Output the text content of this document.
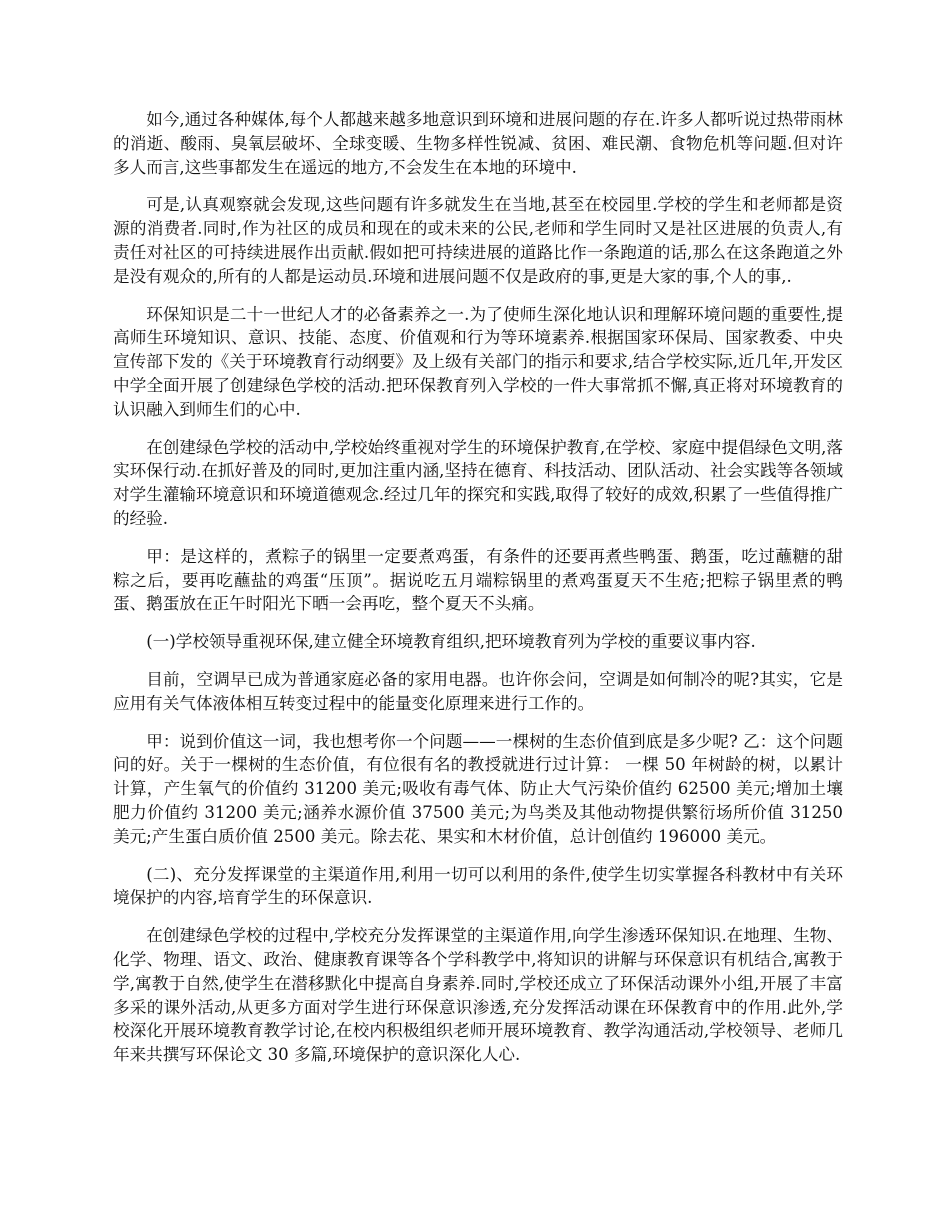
如今,通过各种媒体,每个人都越来越多地意识到环境和进展问题的存在.许多人都听说过热带雨林的消逝、酸雨、臭氧层破坏、全球变暖、生物多样性锐减、贫困、难民潮、食物危机等问题.但对许多人而言,这些事都发生在遥远的地方,不会发生在本地的环境中.

可是,认真观察就会发现,这些问题有许多就发生在当地,甚至在校园里.学校的学生和老师都是资源的消费者.同时,作为社区的成员和现在的或未来的公民,老师和学生同时又是社区进展的负责人,有责任对社区的可持续进展作出贡献.假如把可持续进展的道路比作一条跑道的话,那么在这条跑道之外是没有观众的,所有的人都是运动员.环境和进展问题不仅是政府的事,更是大家的事,个人的事,.

环保知识是二十一世纪人才的必备素养之一.为了使师生深化地认识和理解环境问题的重要性,提高师生环境知识、意识、技能、态度、价值观和行为等环境素养.根据国家环保局、国家教委、中央宣传部下发的《关于环境教育行动纲要》及上级有关部门的指示和要求,结合学校实际,近几年,开发区中学全面开展了创建绿色学校的活动.把环保教育列入学校的一件大事常抓不懈,真正将对环境教育的认识融入到师生们的心中.

在创建绿色学校的活动中,学校始终重视对学生的环境保护教育,在学校、家庭中提倡绿色文明,落实环保行动.在抓好普及的同时,更加注重内涵,坚持在德育、科技活动、团队活动、社会实践等各领域对学生灌输环境意识和环境道德观念.经过几年的探究和实践,取得了较好的成效,积累了一些值得推广的经验.

甲：是这样的，煮粽子的锅里一定要煮鸡蛋，有条件的还要再煮些鸭蛋、鹅蛋，吃过蘸糖的甜粽之后，要再吃蘸盐的鸡蛋“压顶”。据说吃五月端粽锅里的煮鸡蛋夏天不生疮;把粽子锅里煮的鸭蛋、鹅蛋放在正午时阳光下晒一会再吃，整个夏天不头痛。

(一)学校领导重视环保,建立健全环境教育组织,把环境教育列为学校的重要议事内容.

目前，空调早已成为普通家庭必备的家用电器。也许你会问，空调是如何制冷的呢?其实，它是应用有关气体液体相互转变过程中的能量变化原理来进行工作的。

甲：说到价值这一词，我也想考你一个问题——一棵树的生态价值到底是多少呢? 乙：这个问题问的好。关于一棵树的生态价值，有位很有名的教授就进行过计算： 一棵 50 年树龄的树，以累计计算，产生氧气的价值约 31200 美元;吸收有毒气体、防止大气污染价值约 62500 美元;增加土壤肥力价值约 31200 美元;涵养水源价值 37500 美元;为鸟类及其他动物提供繁衍场所价值 31250 美元;产生蛋白质价值 2500 美元。除去花、果实和木材价值，总计创值约 196000 美元。

(二)、充分发挥课堂的主渠道作用,利用一切可以利用的条件,使学生切实掌握各科教材中有关环境保护的内容,培育学生的环保意识.

在创建绿色学校的过程中,学校充分发挥课堂的主渠道作用,向学生渗透环保知识.在地理、生物、化学、物理、语文、政治、健康教育课等各个学科教学中,将知识的讲解与环保意识有机结合,寓教于学,寓教于自然,使学生在潜移默化中提高自身素养.同时,学校还成立了环保活动课外小组,开展了丰富多采的课外活动,从更多方面对学生进行环保意识渗透,充分发挥活动课在环保教育中的作用.此外,学校深化开展环境教育教学讨论,在校内积极组织老师开展环境教育、教学沟通活动,学校领导、老师几年来共撰写环保论文 30 多篇,环境保护的意识深化人心.
